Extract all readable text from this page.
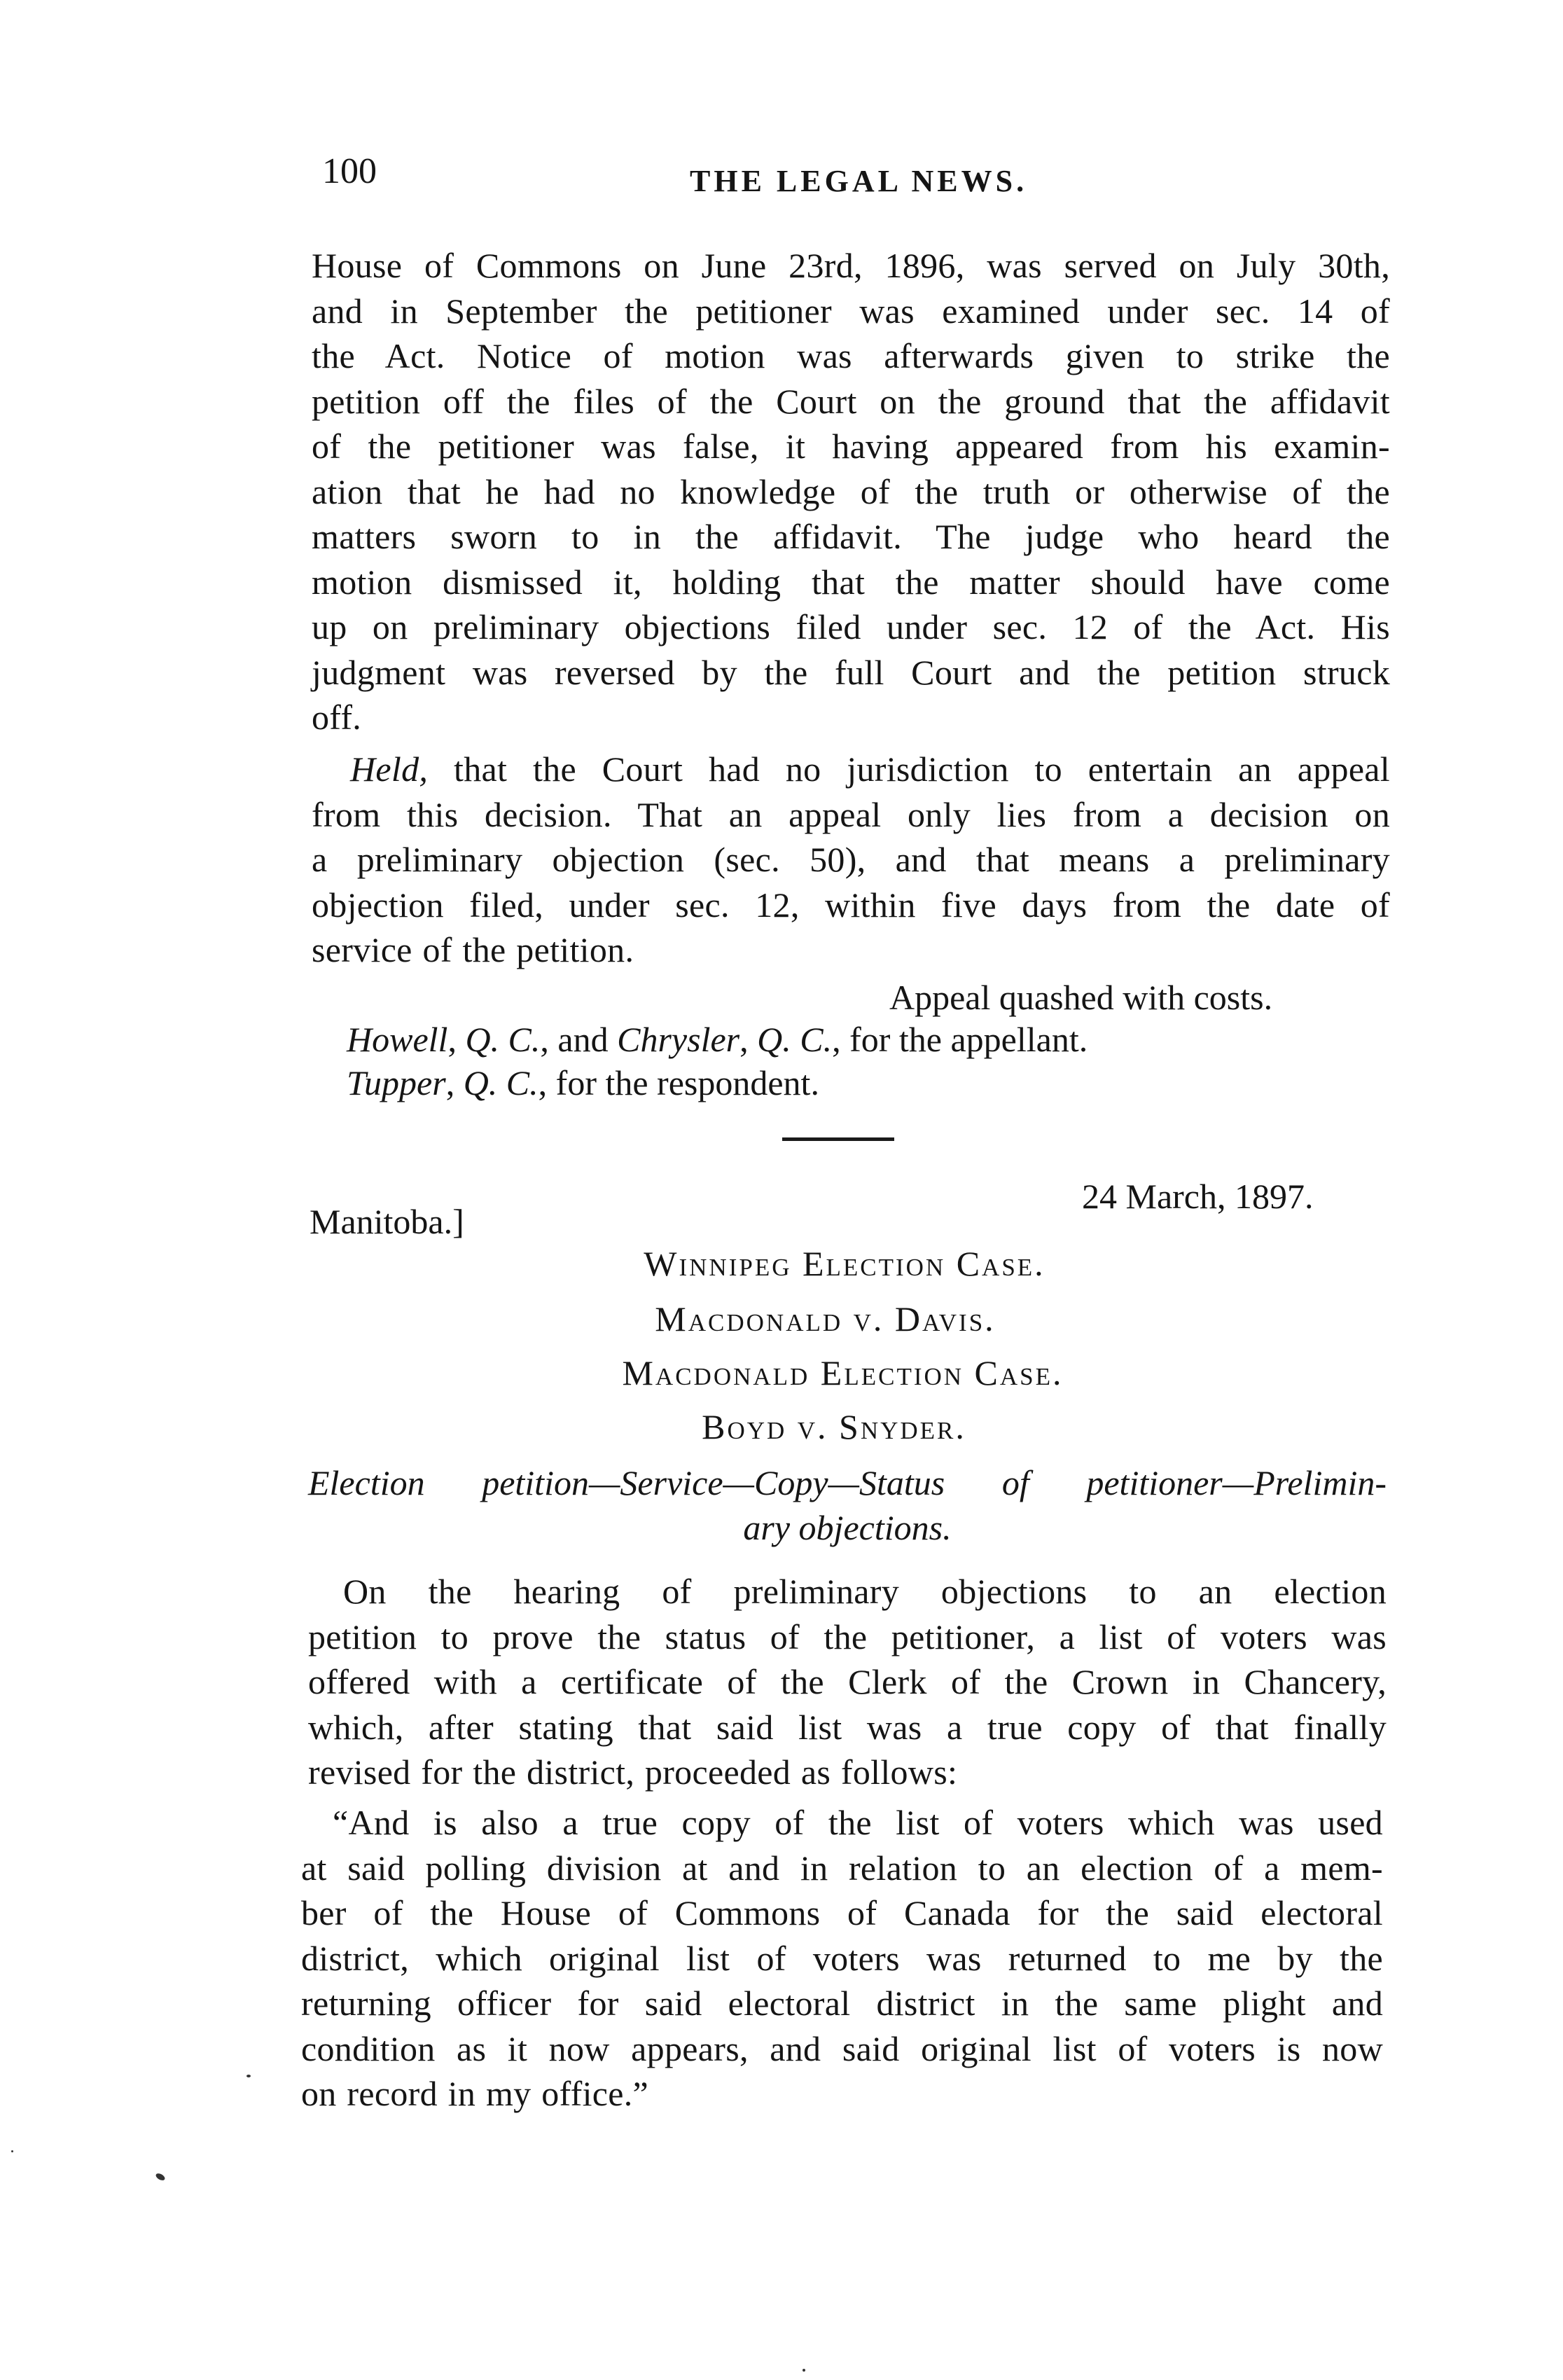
100	THE LEGAL NEWS.
House of Commons on June 23rd, 1896, was served on July 30th,
and in September the petitioner was examined under sec. 14 of
the Act. Notice of motion was afterwards given to strike the
petition off the files of the Court on the ground that the affidavit
of the petitioner was false, it having appeared from his examin-
ation that he had no knowledge of the truth or otherwise of the
matters sworn to in the affidavit. The judge who heard the
motion dismissed it, holding that the matter should have come
up on preliminary objections filed under sec. 12 of the Act. His
judgment was reversed by the full Court and the petition struck
off.
Held, that the Court had no jurisdiction to entertain an appeal
from this decision. That an appeal only lies from a decision on
a preliminary objection (sec. 50), and that means a preliminary
objection filed, under sec. 12, within five days from the date of
service of the petition.
Appeal quashed with costs.
Howell, Q. C., and Chrysler, Q. C., for the appellant.
Tupper, Q. C., for the respondent.
24 March, 1897.
Manitoba.]
Winnipeg Election Case.
Macdonald v. Davis.
Macdonald Election Case.
Boyd v. Snyder.
Election petition—Service—Copy—Status of petitioner—Prelimin-
ary objections.
On the hearing of preliminary objections to an election
petition to prove the status of the petitioner, a list of voters was
offered with a certificate of the Clerk of the Crown in Chancery,
which, after stating that said list was a true copy of that finally
revised for the district, proceeded as follows:
“And is also a true copy of the list of voters which was used
at said polling division at and in relation to an election of a mem-
ber of the House of Commons of Canada for the said electoral
district, which original list of voters was returned to me by the
returning officer for said electoral district in the same plight and
condition as it now appears, and said original list of voters is now
on record in my office.”
